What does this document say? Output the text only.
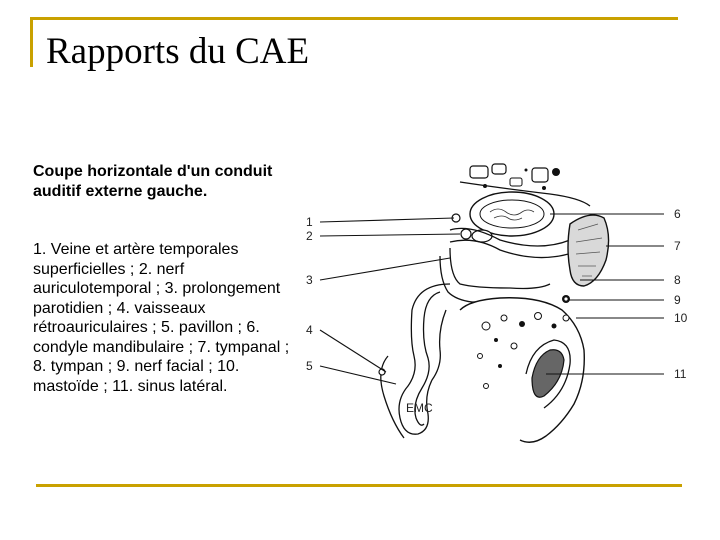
Rapports du CAE
Coupe horizontale d'un conduit auditif externe gauche.
1. Veine et artère temporales superficielles ; 2. nerf auriculotemporal ; 3. prolongement parotidien ; 4. vaisseaux rétroauriculaires ; 5. pavillon ; 6. condyle mandibulaire ; 7. tympanal ; 8. tympan ; 9. nerf facial ; 10. mastoïde ; 11. sinus latéral.
EMC
1
2
3
4
5
6
7
8
9
10
11
